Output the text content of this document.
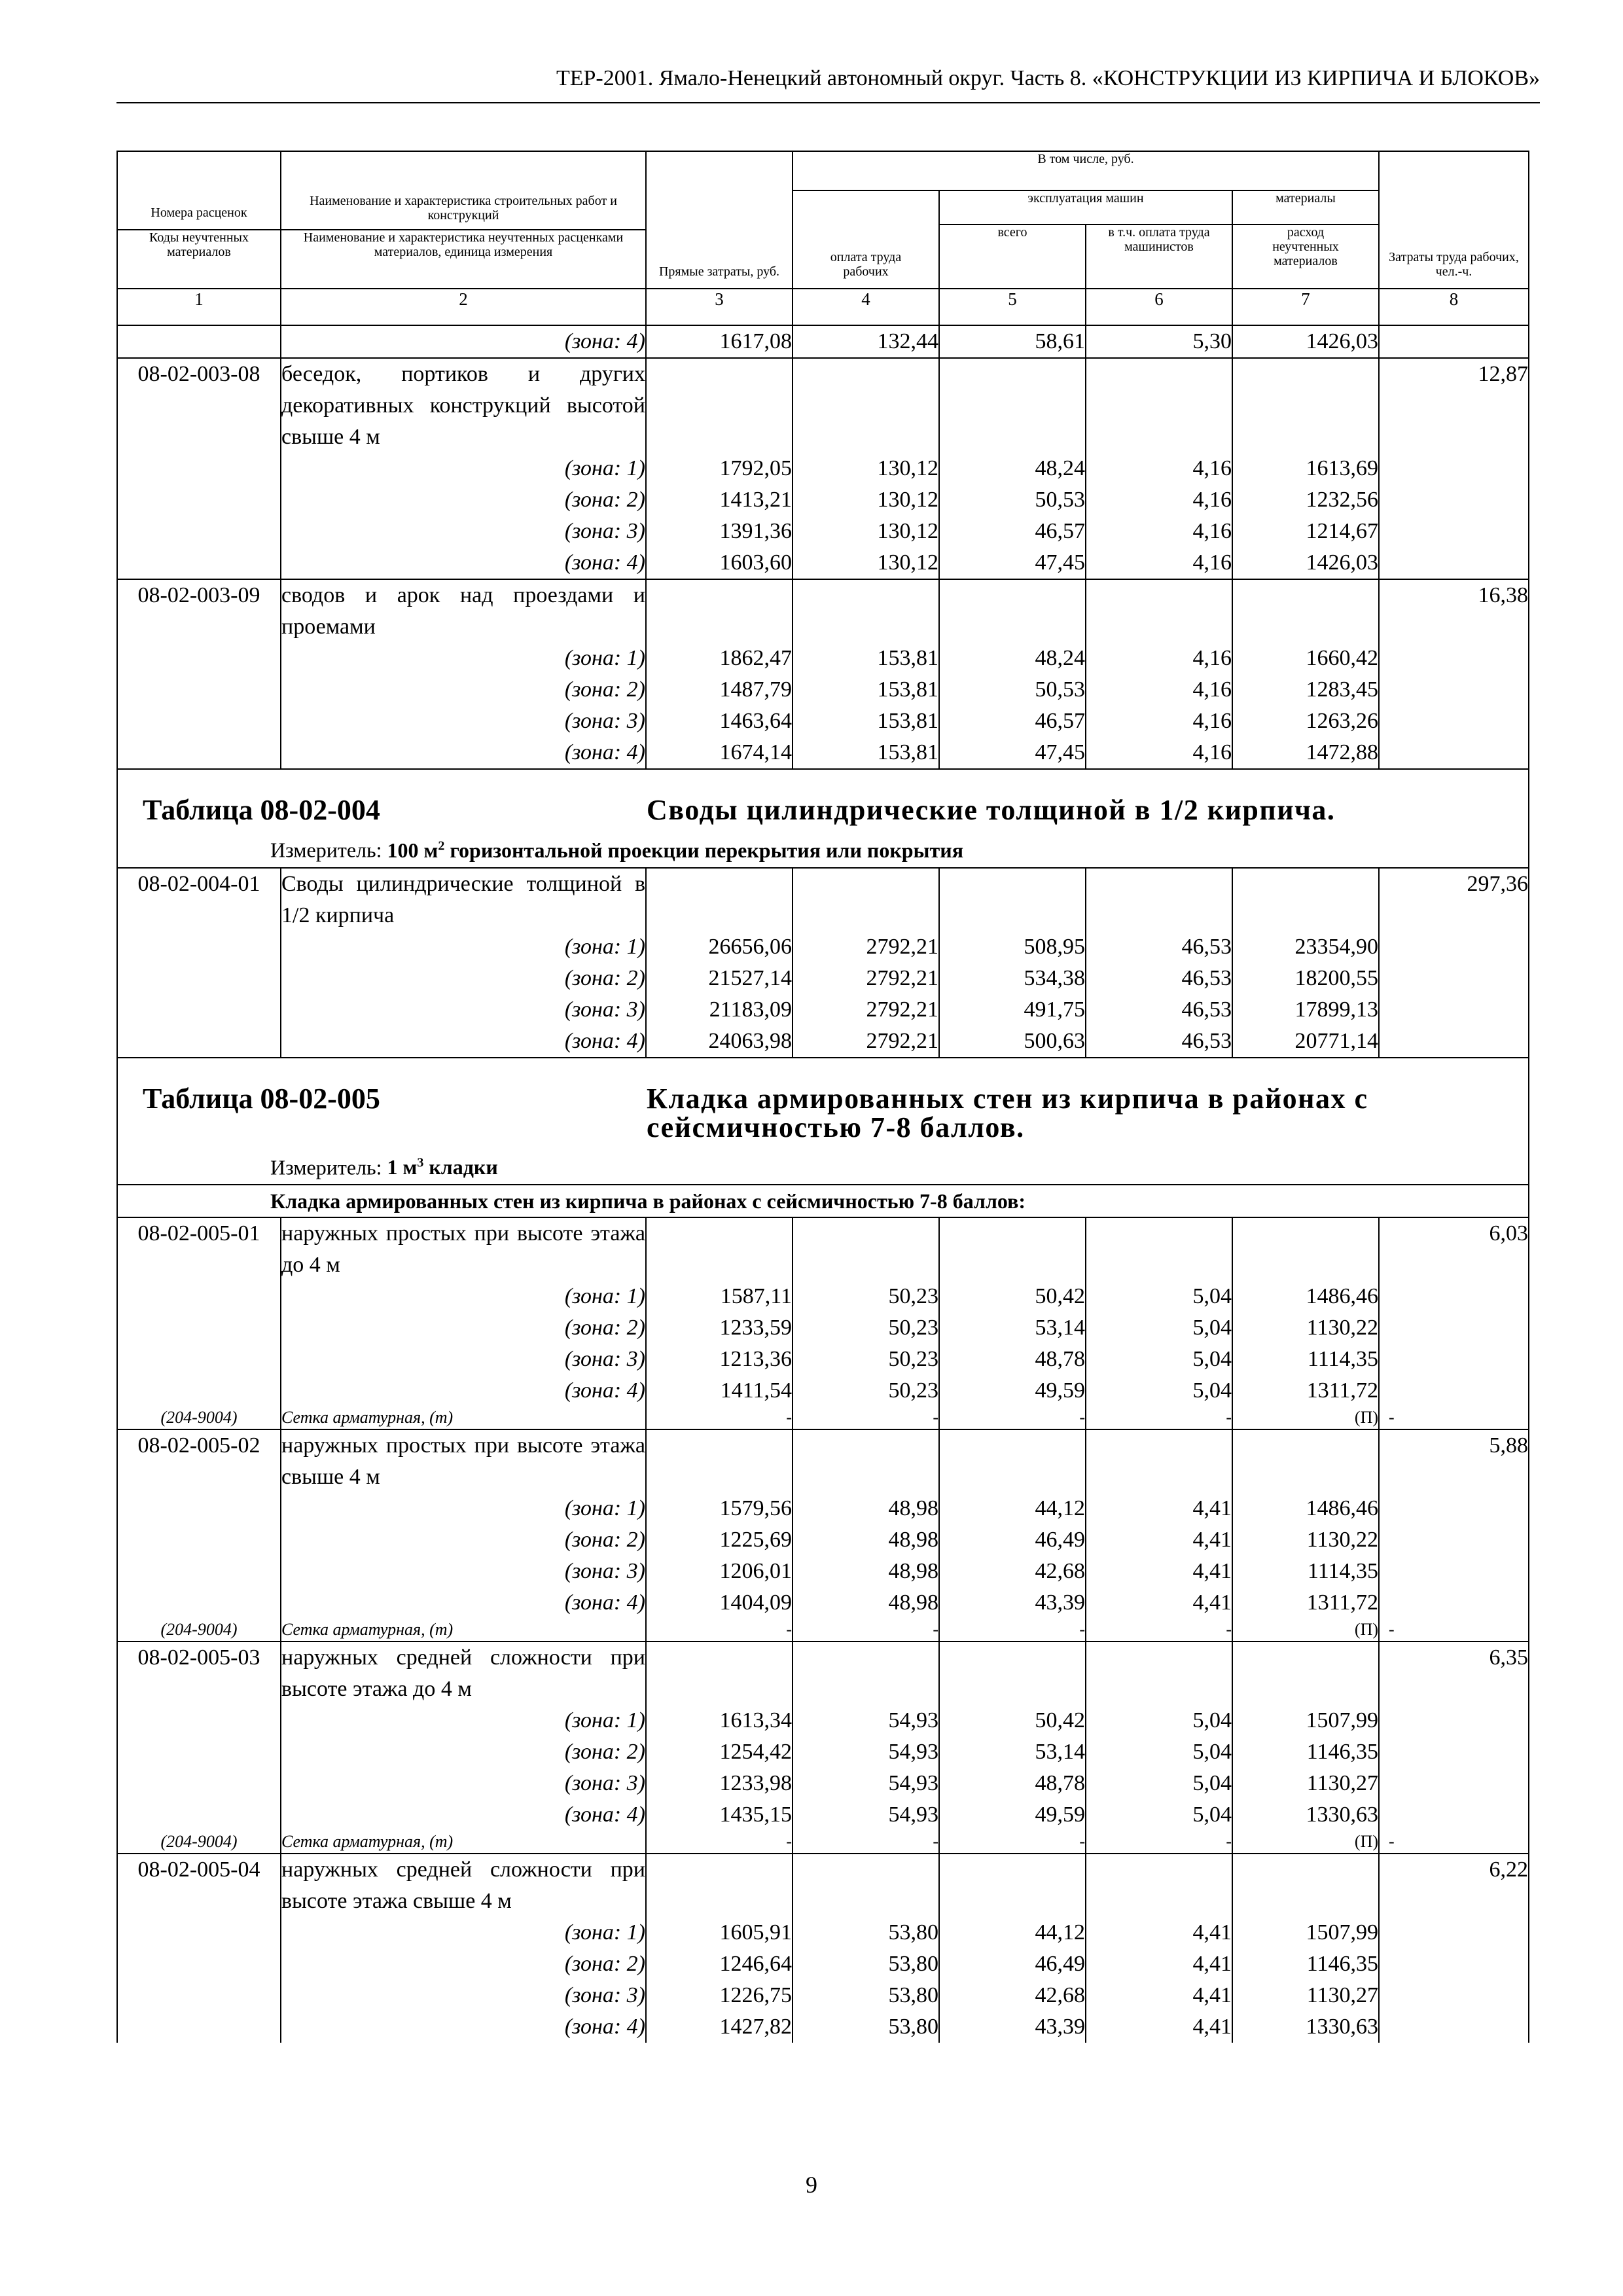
ТЕР-2001. Ямало-Ненецкий автономный округ. Часть 8. «КОНСТРУКЦИИ ИЗ КИРПИЧА И БЛОКОВ»
Номера расценок	Наименование и характеристика строительных работ и конструкций	Прямые затраты, руб.	В том числе, руб.				Затраты труда рабочих, чел.-ч.
			оплата труда рабочих	эксплуатация машин		материалы	
				всего	в т.ч. оплата труда машинистов	расход неучтенных материалов	
Коды неучтенных материалов	Наименование и характеристика неучтенных расценками материалов, единица измерения						
1	2	3	4	5	6	7	8
	(зона: 4)	1617,08	132,44	58,61	5,30	1426,03	
08-02-003-08	беседок, портиков и других декоративных конструкций высотой свыше 4 м						12,87
	(зона: 1)	1792,05	130,12	48,24	4,16	1613,69	
	(зона: 2)	1413,21	130,12	50,53	4,16	1232,56	
	(зона: 3)	1391,36	130,12	46,57	4,16	1214,67	
	(зона: 4)	1603,60	130,12	47,45	4,16	1426,03	
08-02-003-09	сводов и арок над проездами и проемами						16,38
	(зона: 1)	1862,47	153,81	48,24	4,16	1660,42	
	(зона: 2)	1487,79	153,81	50,53	4,16	1283,45	
	(зона: 3)	1463,64	153,81	46,57	4,16	1263,26	
	(зона: 4)	1674,14	153,81	47,45	4,16	1472,88	

Таблица 08-02-004 Своды цилиндрические толщиной в 1/2 кирпича.
Измеритель: 100 $м^2$ горизонтальной проекции перекрытия или покрытия							

08-02-004-01	Своды цилиндрические толщиной в 1/2 кирпича						297,36
	(зона: 1)	26656,06	2792,21	508,95	46,53	23354,90	
	(зона: 2)	21527,14	2792,21	534,38	46,53	18200,55	
	(зона: 3)	21183,09	2792,21	491,75	46,53	17899,13	
	(зона: 4)	24063,98	2792,21	500,63	46,53	20771,14	

Таблица 08-02-005 Кладка армированных стен из кирпича в районах с сейсмичностью 7-8 баллов.
Измеритель: 1 $м^3$ кладки							

Кладка армированных стен из кирпича в районах с сейсмичностью 7-8 баллов:							
08-02-005-01	наружных простых при высоте этажа до 4 м						6,03
	(зона: 1)	1587,11	50,23	50,42	5,04	1486,46	
	(зона: 2)	1233,59	50,23	53,14	5,04	1130,22	
	(зона: 3)	1213,36	50,23	48,78	5,04	1114,35	
	(зона: 4)	1411,54	50,23	49,59	5,04	1311,72	
(204-9004)	Сетка арматурная, (т)	-	-	-	-	(П)	-
08-02-005-02	наружных простых при высоте этажа свыше 4 м						5,88
	(зона: 1)	1579,56	48,98	44,12	4,41	1486,46	
	(зона: 2)	1225,69	48,98	46,49	4,41	1130,22	
	(зона: 3)	1206,01	48,98	42,68	4,41	1114,35	
	(зона: 4)	1404,09	48,98	43,39	4,41	1311,72	
(204-9004)	Сетка арматурная, (т)	-	-	-	-	(П)	-
08-02-005-03	наружных средней сложности при высоте этажа до 4 м						6,35
	(зона: 1)	1613,34	54,93	50,42	5,04	1507,99	
	(зона: 2)	1254,42	54,93	53,14	5,04	1146,35	
	(зона: 3)	1233,98	54,93	48,78	5,04	1130,27	
	(зона: 4)	1435,15	54,93	49,59	5,04	1330,63	
(204-9004)	Сетка арматурная, (т)	-	-	-	-	(П)	-
08-02-005-04	наружных средней сложности при высоте этажа свыше 4 м						6,22
	(зона: 1)	1605,91	53,80	44,12	4,41	1507,99	
	(зона: 2)	1246,64	53,80	46,49	4,41	1146,35	
	(зона: 3)	1226,75	53,80	42,68	4,41	1130,27	
	(зона: 4)	1427,82	53,80	43,39	4,41	1330,63	
9
